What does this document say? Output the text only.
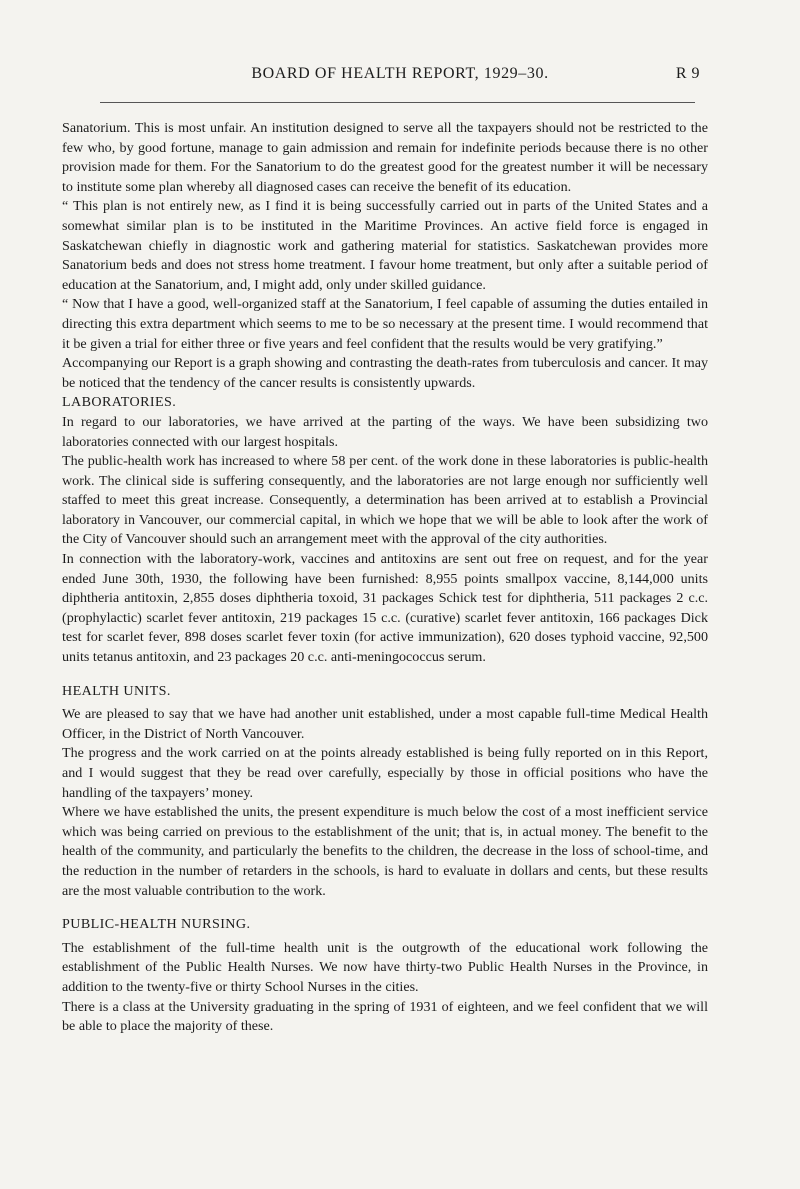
BOARD OF HEALTH REPORT, 1929–30.	R 9

Sanatorium. This is most unfair. An institution designed to serve all the taxpayers should not be restricted to the few who, by good fortune, manage to gain admission and remain for indefinite periods because there is no other provision made for them. For the Sanatorium to do the greatest good for the greatest number it will be necessary to institute some plan whereby all diagnosed cases can receive the benefit of its education.

“ This plan is not entirely new, as I find it is being successfully carried out in parts of the United States and a somewhat similar plan is to be instituted in the Maritime Provinces. An active field force is engaged in Saskatchewan chiefly in diagnostic work and gathering material for statistics. Saskatchewan provides more Sanatorium beds and does not stress home treatment. I favour home treatment, but only after a suitable period of education at the Sanatorium, and, I might add, only under skilled guidance.

“ Now that I have a good, well-organized staff at the Sanatorium, I feel capable of assuming the duties entailed in directing this extra department which seems to me to be so necessary at the present time. I would recommend that it be given a trial for either three or five years and feel confident that the results would be very gratifying.”

Accompanying our Report is a graph showing and contrasting the death-rates from tuberculosis and cancer. It may be noticed that the tendency of the cancer results is consistently upwards.

LABORATORIES.

In regard to our laboratories, we have arrived at the parting of the ways. We have been subsidizing two laboratories connected with our largest hospitals.

The public-health work has increased to where 58 per cent. of the work done in these laboratories is public-health work. The clinical side is suffering consequently, and the laboratories are not large enough nor sufficiently well staffed to meet this great increase. Consequently, a determination has been arrived at to establish a Provincial laboratory in Vancouver, our commercial capital, in which we hope that we will be able to look after the work of the City of Vancouver should such an arrangement meet with the approval of the city authorities.

In connection with the laboratory-work, vaccines and antitoxins are sent out free on request, and for the year ended June 30th, 1930, the following have been furnished: 8,955 points smallpox vaccine, 8,144,000 units diphtheria antitoxin, 2,855 doses diphtheria toxoid, 31 packages Schick test for diphtheria, 511 packages 2 c.c. (prophylactic) scarlet fever antitoxin, 219 packages 15 c.c. (curative) scarlet fever antitoxin, 166 packages Dick test for scarlet fever, 898 doses scarlet fever toxin (for active immunization), 620 doses typhoid vaccine, 92,500 units tetanus antitoxin, and 23 packages 20 c.c. anti-meningococcus serum.

HEALTH UNITS.

We are pleased to say that we have had another unit established, under a most capable full-time Medical Health Officer, in the District of North Vancouver.

The progress and the work carried on at the points already established is being fully reported on in this Report, and I would suggest that they be read over carefully, especially by those in official positions who have the handling of the taxpayers’ money.

Where we have established the units, the present expenditure is much below the cost of a most inefficient service which was being carried on previous to the establishment of the unit; that is, in actual money. The benefit to the health of the community, and particularly the benefits to the children, the decrease in the loss of school-time, and the reduction in the number of retarders in the schools, is hard to evaluate in dollars and cents, but these results are the most valuable contribution to the work.

PUBLIC-HEALTH NURSING.

The establishment of the full-time health unit is the outgrowth of the educational work following the establishment of the Public Health Nurses. We now have thirty-two Public Health Nurses in the Province, in addition to the twenty-five or thirty School Nurses in the cities.

There is a class at the University graduating in the spring of 1931 of eighteen, and we feel confident that we will be able to place the majority of these.
